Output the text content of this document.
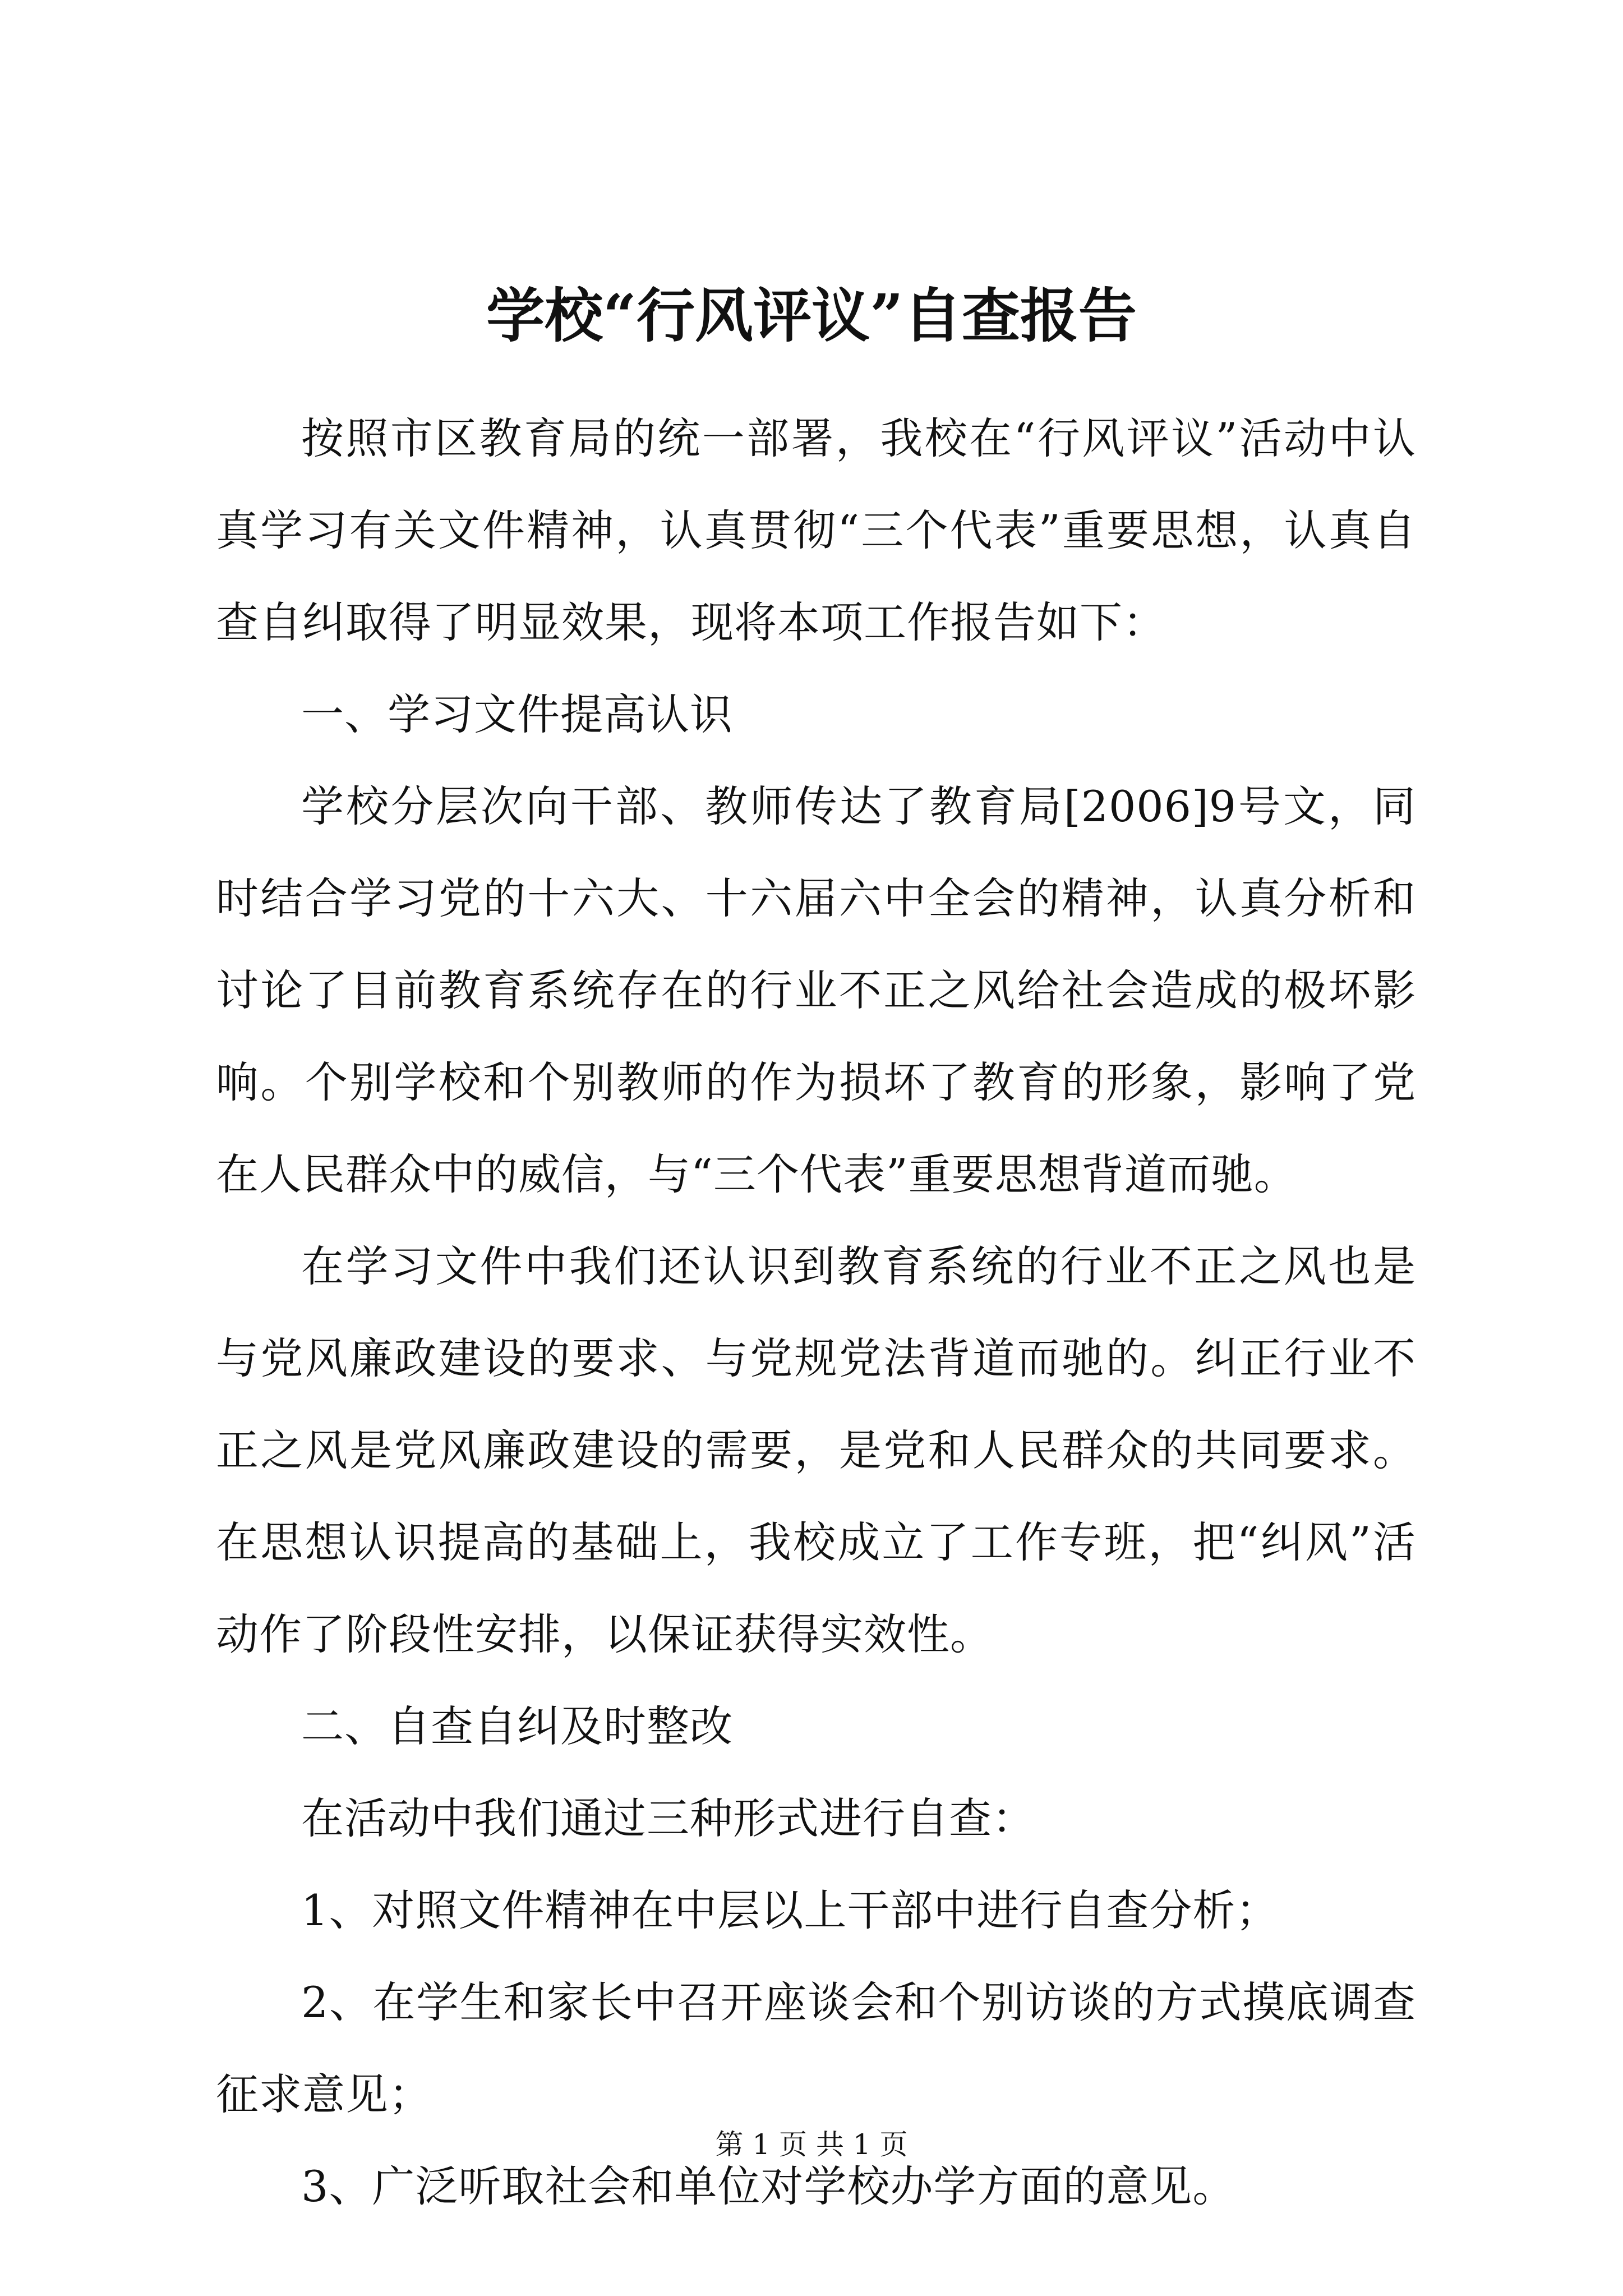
学校“行风评议”自查报告

按照市区教育局的统一部署，我校在“行风评议”活动中认真学习有关文件精神，认真贯彻“三个代表”重要思想，认真自查自纠取得了明显效果，现将本项工作报告如下：

一、学习文件提高认识

学校分层次向干部、教师传达了教育局[2006]9号文，同时结合学习党的十六大、十六届六中全会的精神，认真分析和讨论了目前教育系统存在的行业不正之风给社会造成的极坏影响。个别学校和个别教师的作为损坏了教育的形象，影响了党在人民群众中的威信，与“三个代表”重要思想背道而驰。

在学习文件中我们还认识到教育系统的行业不正之风也是与党风廉政建设的要求、与党规党法背道而驰的。纠正行业不正之风是党风廉政建设的需要，是党和人民群众的共同要求。在思想认识提高的基础上，我校成立了工作专班，把“纠风”活动作了阶段性安排，以保证获得实效性。

二、自查自纠及时整改

在活动中我们通过三种形式进行自查：

1、对照文件精神在中层以上干部中进行自查分析；

2、在学生和家长中召开座谈会和个别访谈的方式摸底调查征求意见；

3、广泛听取社会和单位对学校办学方面的意见。

第 1 页 共 1 页
